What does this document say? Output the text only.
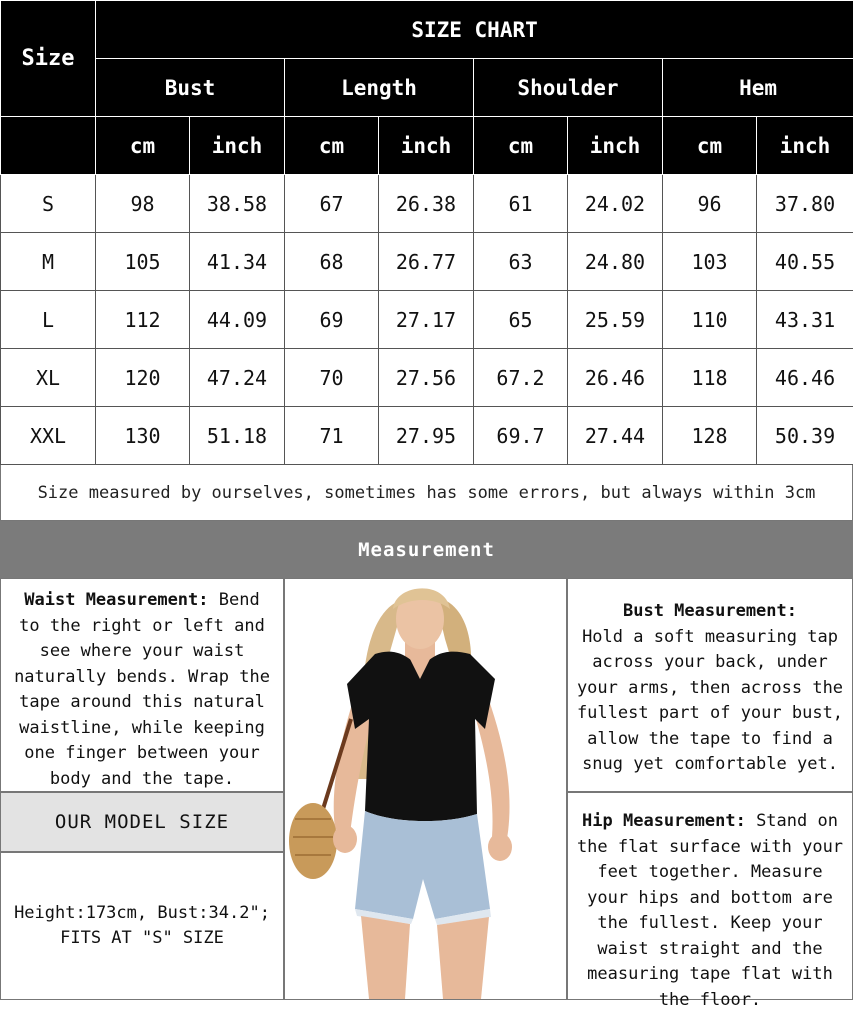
Size	SIZE CHART							
	Bust		Length		Shoulder		Hem	
	cm	inch	cm	inch	cm	inch	cm	inch
S	98	38.58	67	26.38	61	24.02	96	37.80
M	105	41.34	68	26.77	63	24.80	103	40.55
L	112	44.09	69	27.17	65	25.59	110	43.31
XL	120	47.24	70	27.56	67.2	26.46	118	46.46
XXL	130	51.18	71	27.95	69.7	27.44	128	50.39
Size measured by ourselves, sometimes has some errors, but always within 3cm
Measurement
Waist Measurement: Bend to the right or left and see where your waist naturally bends. Wrap the tape around this natural waistline, while keeping one finger between your body and the tape.
OUR MODEL SIZE
Height:173cm, Bust:34.2"; FITS AT "S" SIZE
Bust Measurement:
Hold a soft measuring tap across your back, under your arms, then across the fullest part of your bust, allow the tape to find a snug yet comfortable yet.
Hip Measurement: Stand on the flat surface with your feet together. Measure your hips and bottom are the fullest. Keep your waist straight and the measuring tape flat with the floor.
